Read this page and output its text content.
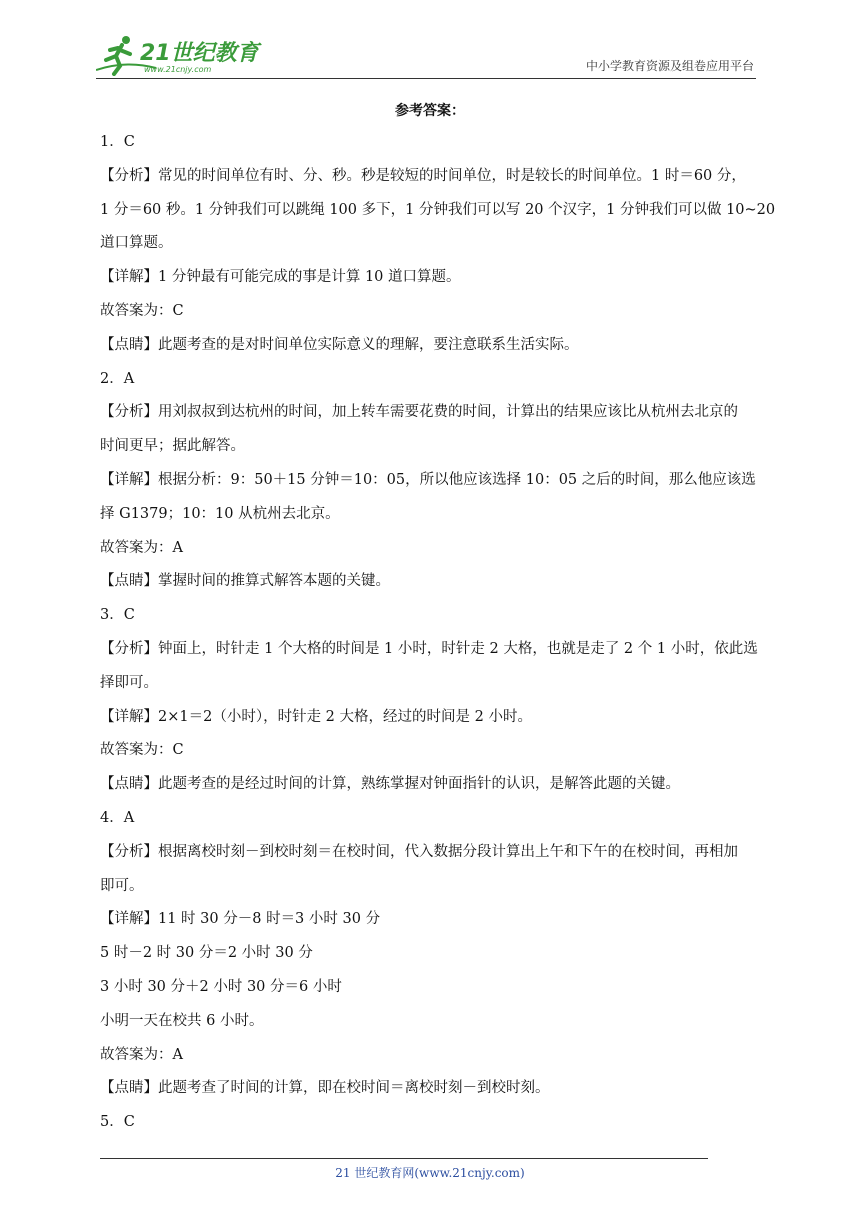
21世纪教育
www.21cnjy.com	中小学教育资源及组卷应用平台
参考答案：
1．C
【分析】常见的时间单位有时、分、秒。秒是较短的时间单位，时是较长的时间单位。1 时＝60 分，
1 分＝60 秒。1 分钟我们可以跳绳 100 多下，1 分钟我们可以写 20 个汉字，1 分钟我们可以做 10~20
道口算题。
【详解】1 分钟最有可能完成的事是计算 10 道口算题。
故答案为：C
【点睛】此题考查的是对时间单位实际意义的理解，要注意联系生活实际。
2．A
【分析】用刘叔叔到达杭州的时间，加上转车需要花费的时间，计算出的结果应该比从杭州去北京的
时间更早；据此解答。
【详解】根据分析：9：50＋15 分钟＝10：05，所以他应该选择 10：05 之后的时间，那么他应该选
择 G1379；10：10 从杭州去北京。
故答案为：A
【点睛】掌握时间的推算式解答本题的关键。
3．C
【分析】钟面上，时针走 1 个大格的时间是 1 小时，时针走 2 大格，也就是走了 2 个 1 小时，依此选
择即可。
【详解】2×1＝2（小时），时针走 2 大格，经过的时间是 2 小时。
故答案为：C
【点睛】此题考查的是经过时间的计算，熟练掌握对钟面指针的认识，是解答此题的关键。
4．A
【分析】根据离校时刻－到校时刻＝在校时间，代入数据分段计算出上午和下午的在校时间，再相加
即可。
【详解】11 时 30 分－8 时＝3 小时 30 分
5 时－2 时 30 分＝2 小时 30 分
3 小时 30 分＋2 小时 30 分＝6 小时
小明一天在校共 6 小时。
故答案为：A
【点睛】此题考查了时间的计算，即在校时间＝离校时刻－到校时刻。
5．C
21 世纪教育网(www.21cnjy.com)
